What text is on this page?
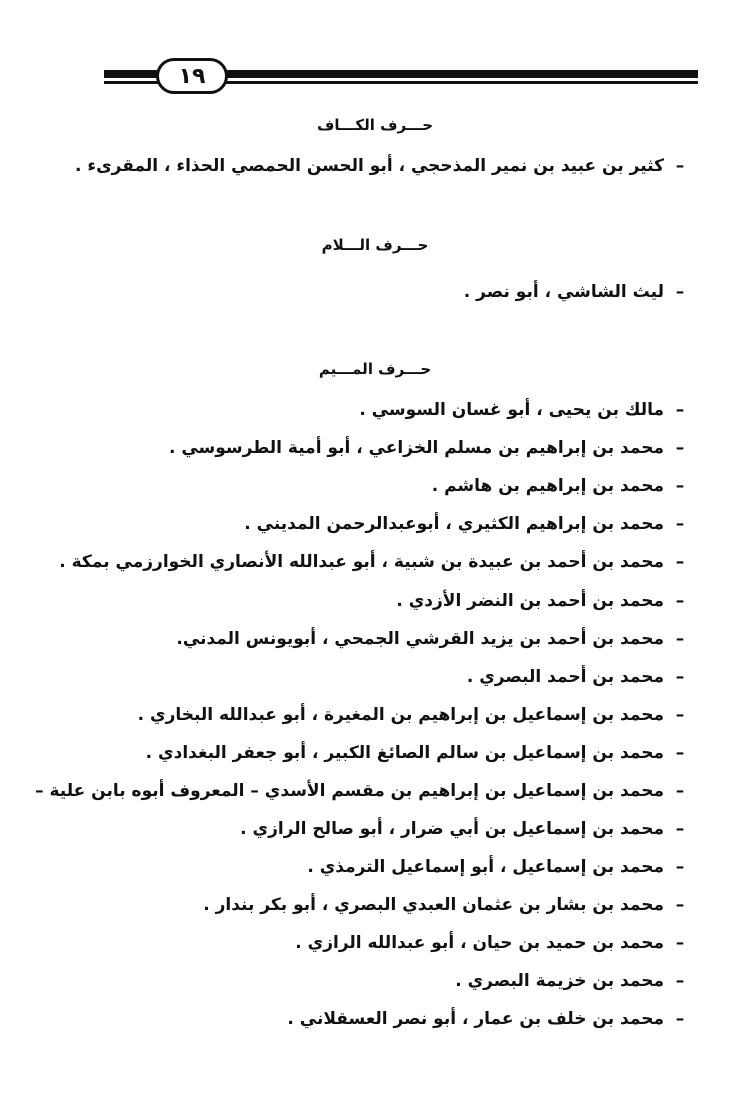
١٩
حـــرف الكـــاف
–كثير بن عبيد بن نمير المذحجي ، أبو الحسن الحمصي الحذاء ، المقرىء .
حـــرف الـــلام
–ليث الشاشي ، أبو نصر .
حـــرف المـــيم
–مالك بن يحيى ، أبو غسان السوسي .
–محمد بن إبراهيم بن مسلم الخزاعي ، أبو أمية الطرسوسي .
–محمد بن إبراهيم بن هاشم .
–محمد بن إبراهيم الكثيري ، أبوعبدالرحمن المديني .
–محمد بن أحمد بن عبيدة بن شبية ، أبو عبدالله الأنصاري الخوارزمي بمكة .
–محمد بن أحمد بن النضر الأزدي .
–محمد بن أحمد بن يزيد القرشي الجمحي ، أبويونس المدني.
–محمد بن أحمد البصري .
–محمد بن إسماعيل بن إبراهيم بن المغيرة ، أبو عبدالله البخاري .
–محمد بن إسماعيل بن سالم الصائغ الكبير ، أبو جعفر البغدادي .
–محمد بن إسماعيل بن إبراهيم بن مقسم الأسدي – المعروف أبوه بابن علية –
–محمد بن إسماعيل بن أبي ضرار ، أبو صالح الرازي .
–محمد بن إسماعيل ، أبو إسماعيل الترمذي .
–محمد بن بشار بن عثمان العبدي البصري ، أبو بكر بندار .
–محمد بن حميد بن حيان ، أبو عبدالله الرازي .
–محمد بن خزيمة البصري .
–محمد بن خلف بن عمار ، أبو نصر العسقلاني .
